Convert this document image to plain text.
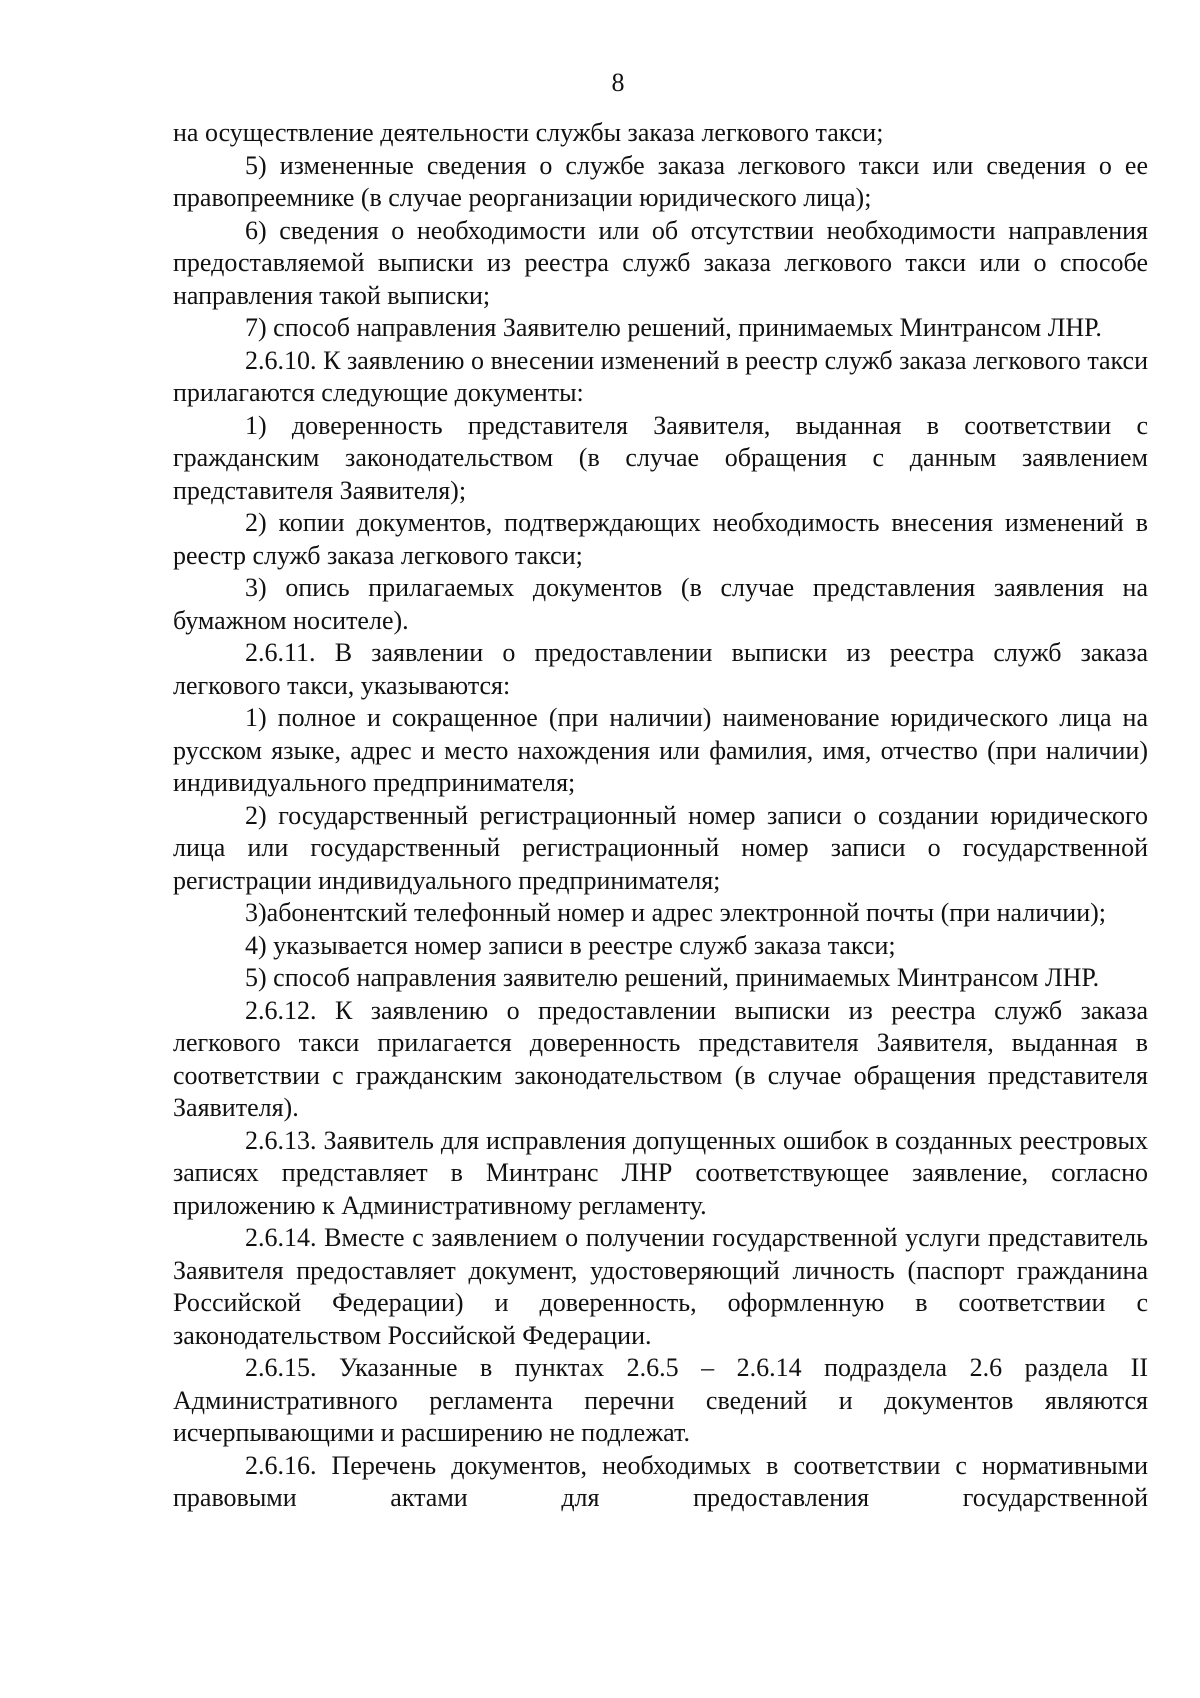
8

на осуществление деятельности службы заказа легкового такси;

5) измененные сведения о службе заказа легкового такси или сведения о ее правопреемнике (в случае реорганизации юридического лица);

6) сведения о необходимости или об отсутствии необходимости направления предоставляемой выписки из реестра служб заказа легкового такси или о способе направления такой выписки;

7) способ направления Заявителю решений, принимаемых Минтрансом ЛНР.

2.6.10. К заявлению о внесении изменений в реестр служб заказа легкового такси прилагаются следующие документы:

1) доверенность представителя Заявителя, выданная в соответствии с гражданским законодательством (в случае обращения с данным заявлением представителя Заявителя);

2) копии документов, подтверждающих необходимость внесения изменений в реестр служб заказа легкового такси;

3) опись прилагаемых документов (в случае представления заявления на бумажном носителе).

2.6.11. В заявлении о предоставлении выписки из реестра служб заказа легкового такси, указываются:

1) полное и сокращенное (при наличии) наименование юридического лица на русском языке, адрес и место нахождения или фамилия, имя, отчество (при наличии) индивидуального предпринимателя;

2) государственный регистрационный номер записи о создании юридического лица или государственный регистрационный номер записи о государственной регистрации индивидуального предпринимателя;

3)абонентский телефонный номер и адрес электронной почты (при наличии);

4) указывается номер записи в реестре служб заказа такси;

5) способ направления заявителю решений, принимаемых Минтрансом ЛНР.

2.6.12. К заявлению о предоставлении выписки из реестра служб заказа легкового такси прилагается доверенность представителя Заявителя, выданная в соответствии с гражданским законодательством (в случае обращения представителя Заявителя).

2.6.13. Заявитель для исправления допущенных ошибок в созданных реестровых записях представляет в Минтранс ЛНР соответствующее заявление, согласно приложению к Административному регламенту.

2.6.14. Вместе с заявлением о получении государственной услуги представитель Заявителя предоставляет документ, удостоверяющий личность (паспорт гражданина Российской Федерации) и доверенность, оформленную в соответствии с законодательством Российской Федерации.

2.6.15. Указанные в пунктах 2.6.5 – 2.6.14 подраздела 2.6 раздела II Административного регламента перечни сведений и документов являются исчерпывающими и расширению не подлежат.

2.6.16. Перечень документов, необходимых в соответствии с нормативными правовыми актами для предоставления государственной
